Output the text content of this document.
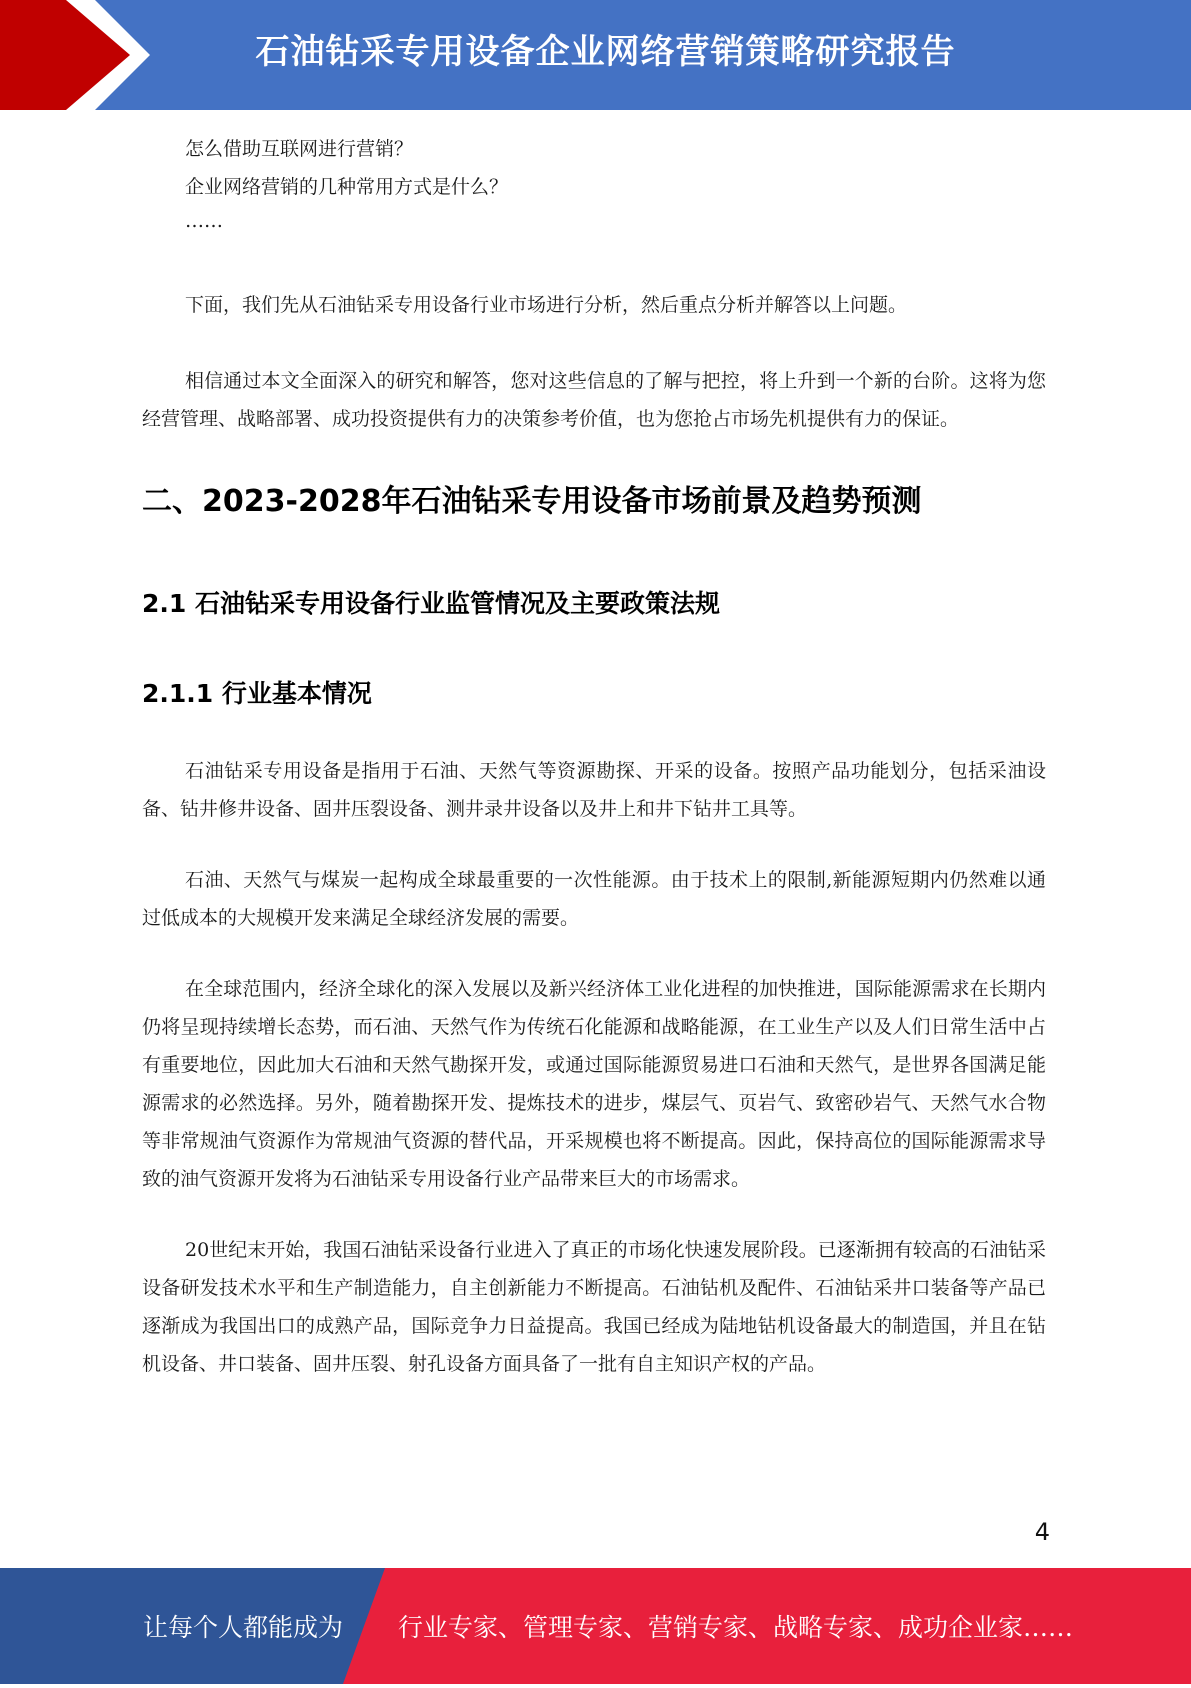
石油钻采专用设备企业网络营销策略研究报告

怎么借助互联网进行营销？

企业网络营销的几种常用方式是什么？

……

下面，我们先从石油钻采专用设备行业市场进行分析，然后重点分析并解答以上问题。

相信通过本文全面深入的研究和解答，您对这些信息的了解与把控，将上升到一个新的台阶。这将为您经营管理、战略部署、成功投资提供有力的决策参考价值，也为您抢占市场先机提供有力的保证。

二、2023-2028年石油钻采专用设备市场前景及趋势预测
2.1 石油钻采专用设备行业监管情况及主要政策法规
2.1.1 行业基本情况

石油钻采专用设备是指用于石油、天然气等资源勘探、开采的设备。按照产品功能划分，包括采油设备、钻井修井设备、固井压裂设备、测井录井设备以及井上和井下钻井工具等。

石油、天然气与煤炭一起构成全球最重要的一次性能源。由于技术上的限制,新能源短期内仍然难以通过低成本的大规模开发来满足全球经济发展的需要。

在全球范围内，经济全球化的深入发展以及新兴经济体工业化进程的加快推进，国际能源需求在长期内仍将呈现持续增长态势，而石油、天然气作为传统石化能源和战略能源，在工业生产以及人们日常生活中占有重要地位，因此加大石油和天然气勘探开发，或通过国际能源贸易进口石油和天然气，是世界各国满足能源需求的必然选择。另外，随着勘探开发、提炼技术的进步，煤层气、页岩气、致密砂岩气、天然气水合物等非常规油气资源作为常规油气资源的替代品，开采规模也将不断提高。因此，保持高位的国际能源需求导致的油气资源开发将为石油钻采专用设备行业产品带来巨大的市场需求。

20世纪末开始，我国石油钻采设备行业进入了真正的市场化快速发展阶段。已逐渐拥有较高的石油钻采设备研发技术水平和生产制造能力，自主创新能力不断提高。石油钻机及配件、石油钻采井口装备等产品已逐渐成为我国出口的成熟产品，国际竞争力日益提高。我国已经成为陆地钻机设备最大的制造国，并且在钻机设备、井口装备、固井压裂、射孔设备方面具备了一批有自主知识产权的产品。

4
让每个人都能成为 行业专家、管理专家、营销专家、战略专家、成功企业家……
